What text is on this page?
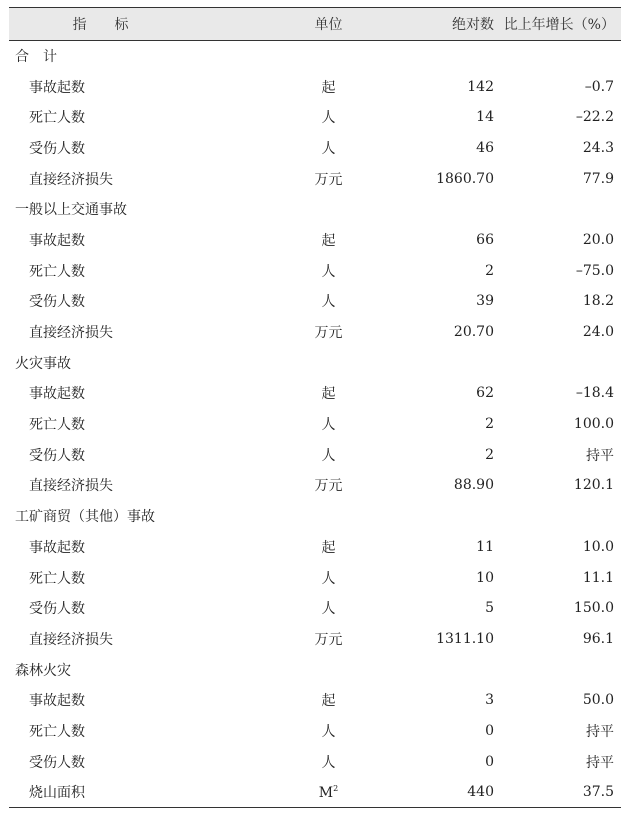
指　　标	单位	绝对数	比上年增长（%）
合　计			
事故起数	起	142	–0.7
死亡人数	人	14	–22.2
受伤人数	人	46	24.3
直接经济损失	万元	1860.70	77.9
一般以上交通事故			
事故起数	起	66	20.0
死亡人数	人	2	–75.0
受伤人数	人	39	18.2
直接经济损失	万元	20.70	24.0
火灾事故			
事故起数	起	62	–18.4
死亡人数	人	2	100.0
受伤人数	人	2	持平
直接经济损失	万元	88.90	120.1
工矿商贸（其他）事故			
事故起数	起	11	10.0
死亡人数	人	10	11.1
受伤人数	人	5	150.0
直接经济损失	万元	1311.10	96.1
森林火灾			
事故起数	起	3	50.0
死亡人数	人	0	持平
受伤人数	人	0	持平
烧山面积	$M^2$	440	37.5
